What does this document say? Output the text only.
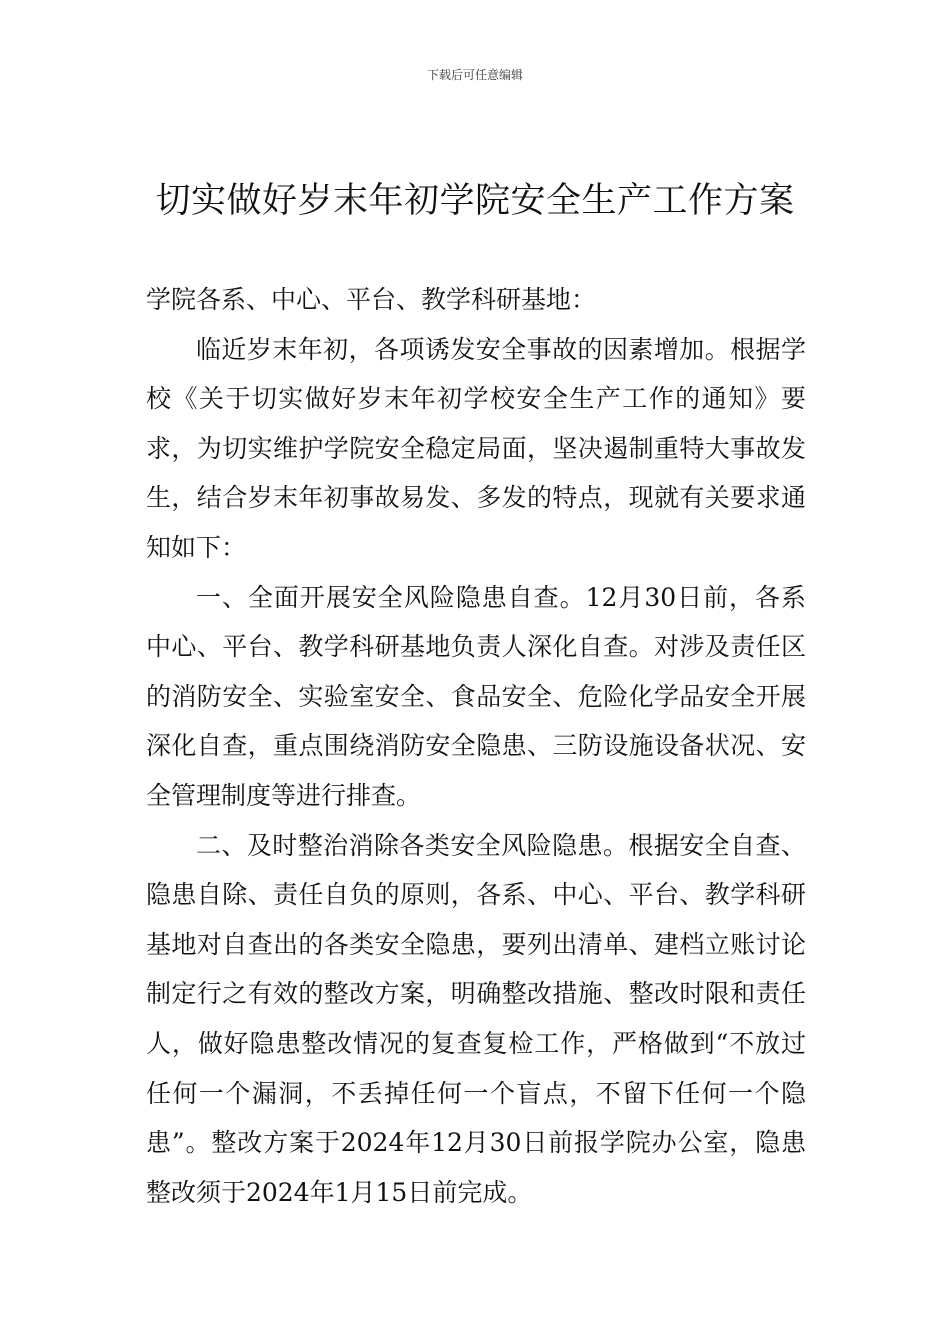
下载后可任意编辑
切实做好岁末年初学院安全生产工作方案

学院各系、中心、平台、教学科研基地：

临近岁末年初，各项诱发安全事故的因素增加。根据学校《关于切实做好岁末年初学校安全生产工作的通知》要求，为切实维护学院安全稳定局面，坚决遏制重特大事故发生，结合岁末年初事故易发、多发的特点，现就有关要求通知如下：

一、全面开展安全风险隐患自查。12月30日前，各系中心、平台、教学科研基地负责人深化自查。对涉及责任区的消防安全、实验室安全、食品安全、危险化学品安全开展深化自查，重点围绕消防安全隐患、三防设施设备状况、安全管理制度等进行排查。

二、及时整治消除各类安全风险隐患。根据安全自查、隐患自除、责任自负的原则，各系、中心、平台、教学科研基地对自查出的各类安全隐患，要列出清单、建档立账讨论制定行之有效的整改方案，明确整改措施、整改时限和责任人，做好隐患整改情况的复查复检工作，严格做到“不放过任何一个漏洞，不丢掉任何一个盲点，不留下任何一个隐患”。整改方案于2024年12月30日前报学院办公室，隐患整改须于2024年1月15日前完成。
